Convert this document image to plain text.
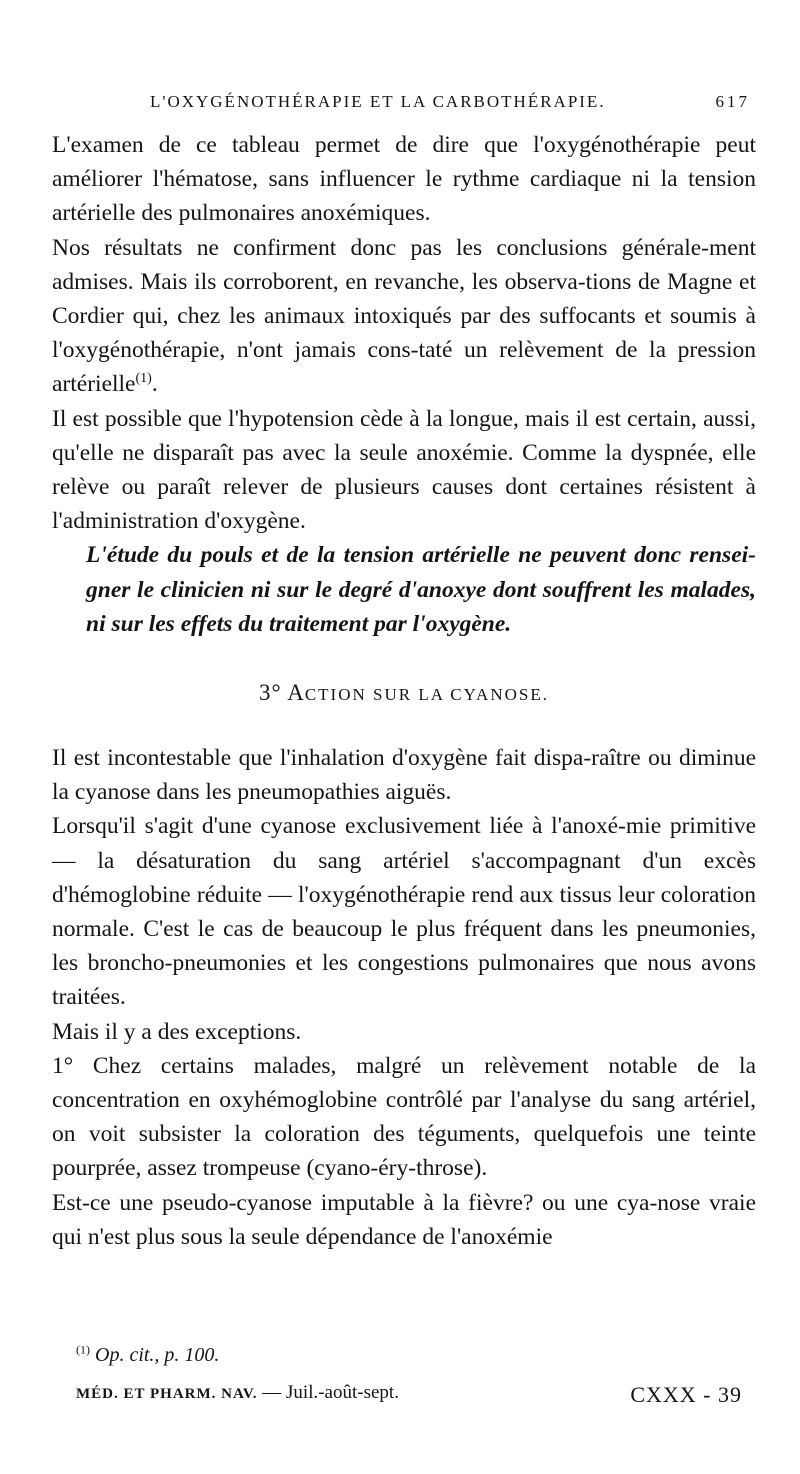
L'OXYGÉNOTHÉRAPIE ET LA CARBOTHÉRAPIE.	617

L'examen de ce tableau permet de dire que l'oxygénothérapie peut améliorer l'hématose, sans influencer le rythme cardiaque ni la tension artérielle des pulmonaires anoxémiques.

Nos résultats ne confirment donc pas les conclusions générale-ment admises. Mais ils corroborent, en revanche, les observa-tions de Magne et Cordier qui, chez les animaux intoxiqués par des suffocants et soumis à l'oxygénothérapie, n'ont jamais cons-taté un relèvement de la pression artérielle$^{(1)}$.

Il est possible que l'hypotension cède à la longue, mais il est certain, aussi, qu'elle ne disparaît pas avec la seule anoxémie. Comme la dyspnée, elle relève ou paraît relever de plusieurs causes dont certaines résistent à l'administration d'oxygène.

L'étude du pouls et de la tension artérielle ne peuvent donc rensei-gner le clinicien ni sur le degré d'anoxye dont souffrent les malades, ni sur les effets du traitement par l'oxygène.

3° ACTION SUR LA CYANOSE.

Il est incontestable que l'inhalation d'oxygène fait dispa-raître ou diminue la cyanose dans les pneumopathies aiguës.

Lorsqu'il s'agit d'une cyanose exclusivement liée à l'anoxé-mie primitive — la désaturation du sang artériel s'accompagnant d'un excès d'hémoglobine réduite — l'oxygénothérapie rend aux tissus leur coloration normale. C'est le cas de beaucoup le plus fréquent dans les pneumonies, les broncho-pneumonies et les congestions pulmonaires que nous avons traitées.

Mais il y a des exceptions.

1° Chez certains malades, malgré un relèvement notable de la concentration en oxyhémoglobine contrôlé par l'analyse du sang artériel, on voit subsister la coloration des téguments, quelquefois une teinte pourprée, assez trompeuse (cyano-éry-throse).

Est-ce une pseudo-cyanose imputable à la fièvre? ou une cya-nose vraie qui n'est plus sous la seule dépendance de l'anoxémie

$^{(1)}$ Op. cit., p. 100.
MÉD. ET PHARM. NAV. — Juil.-août-sept.	CXXX - 39
